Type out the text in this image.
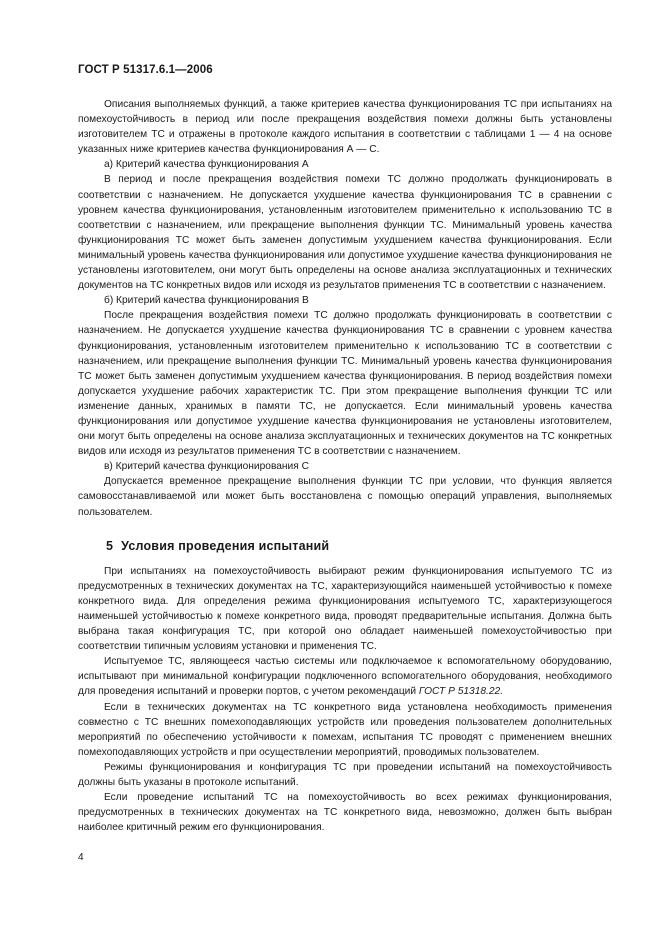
ГОСТ Р 51317.6.1—2006

Описания выполняемых функций, а также критериев качества функционирования ТС при испытаниях на помехоустойчивость в период или после прекращения воздействия помехи должны быть установлены изготовителем ТС и отражены в протоколе каждого испытания в соответствии с таблицами 1 — 4 на основе указанных ниже критериев качества функционирования А — С.

а) Критерий качества функционирования А

В период и после прекращения воздействия помехи ТС должно продолжать функционировать в соответствии с назначением. Не допускается ухудшение качества функционирования ТС в сравнении с уровнем качества функционирования, установленным изготовителем применительно к использованию ТС в соответствии с назначением, или прекращение выполнения функции ТС. Минимальный уровень качества функционирования ТС может быть заменен допустимым ухудшением качества функционирования. Если минимальный уровень качества функционирования или допустимое ухудшение качества функционирования не установлены изготовителем, они могут быть определены на основе анализа эксплуатационных и технических документов на ТС конкретных видов или исходя из результатов применения ТС в соответствии с назначением.

б) Критерий качества функционирования В

После прекращения воздействия помехи ТС должно продолжать функционировать в соответствии с назначением. Не допускается ухудшение качества функционирования ТС в сравнении с уровнем качества функционирования, установленным изготовителем применительно к использованию ТС в соответствии с назначением, или прекращение выполнения функции ТС. Минимальный уровень качества функционирования ТС может быть заменен допустимым ухудшением качества функционирования. В период воздействия помехи допускается ухудшение рабочих характеристик ТС. При этом прекращение выполнения функции ТС или изменение данных, хранимых в памяти ТС, не допускается. Если минимальный уровень качества функционирования или допустимое ухудшение качества функционирования не установлены изготовителем, они могут быть определены на основе анализа эксплуатационных и технических документов на ТС конкретных видов или исходя из результатов применения ТС в соответствии с назначением.

в) Критерий качества функционирования С

Допускается временное прекращение выполнения функции ТС при условии, что функция является самовосстанавливаемой или может быть восстановлена с помощью операций управления, выполняемых пользователем.

5 Условия проведения испытаний

При испытаниях на помехоустойчивость выбирают режим функционирования испытуемого ТС из предусмотренных в технических документах на ТС, характеризующийся наименьшей устойчивостью к помехе конкретного вида. Для определения режима функционирования испытуемого ТС, характеризующегося наименьшей устойчивостью к помехе конкретного вида, проводят предварительные испытания. Должна быть выбрана такая конфигурация ТС, при которой оно обладает наименьшей помехоустойчивостью при соответствии типичным условиям установки и применения ТС.

Испытуемое ТС, являющееся частью системы или подключаемое к вспомогательному оборудованию, испытывают при минимальной конфигурации подключенного вспомогательного оборудования, необходимого для проведения испытаний и проверки портов, с учетом рекомендаций ГОСТ Р 51318.22.

Если в технических документах на ТС конкретного вида установлена необходимость применения совместно с ТС внешних помехоподавляющих устройств или проведения пользователем дополнительных мероприятий по обеспечению устойчивости к помехам, испытания ТС проводят с применением внешних помехоподавляющих устройств и при осуществлении мероприятий, проводимых пользователем.

Режимы функционирования и конфигурация ТС при проведении испытаний на помехоустойчивость должны быть указаны в протоколе испытаний.

Если проведение испытаний ТС на помехоустойчивость во всех режимах функционирования, предусмотренных в технических документах на ТС конкретного вида, невозможно, должен быть выбран наиболее критичный режим его функционирования.

4
